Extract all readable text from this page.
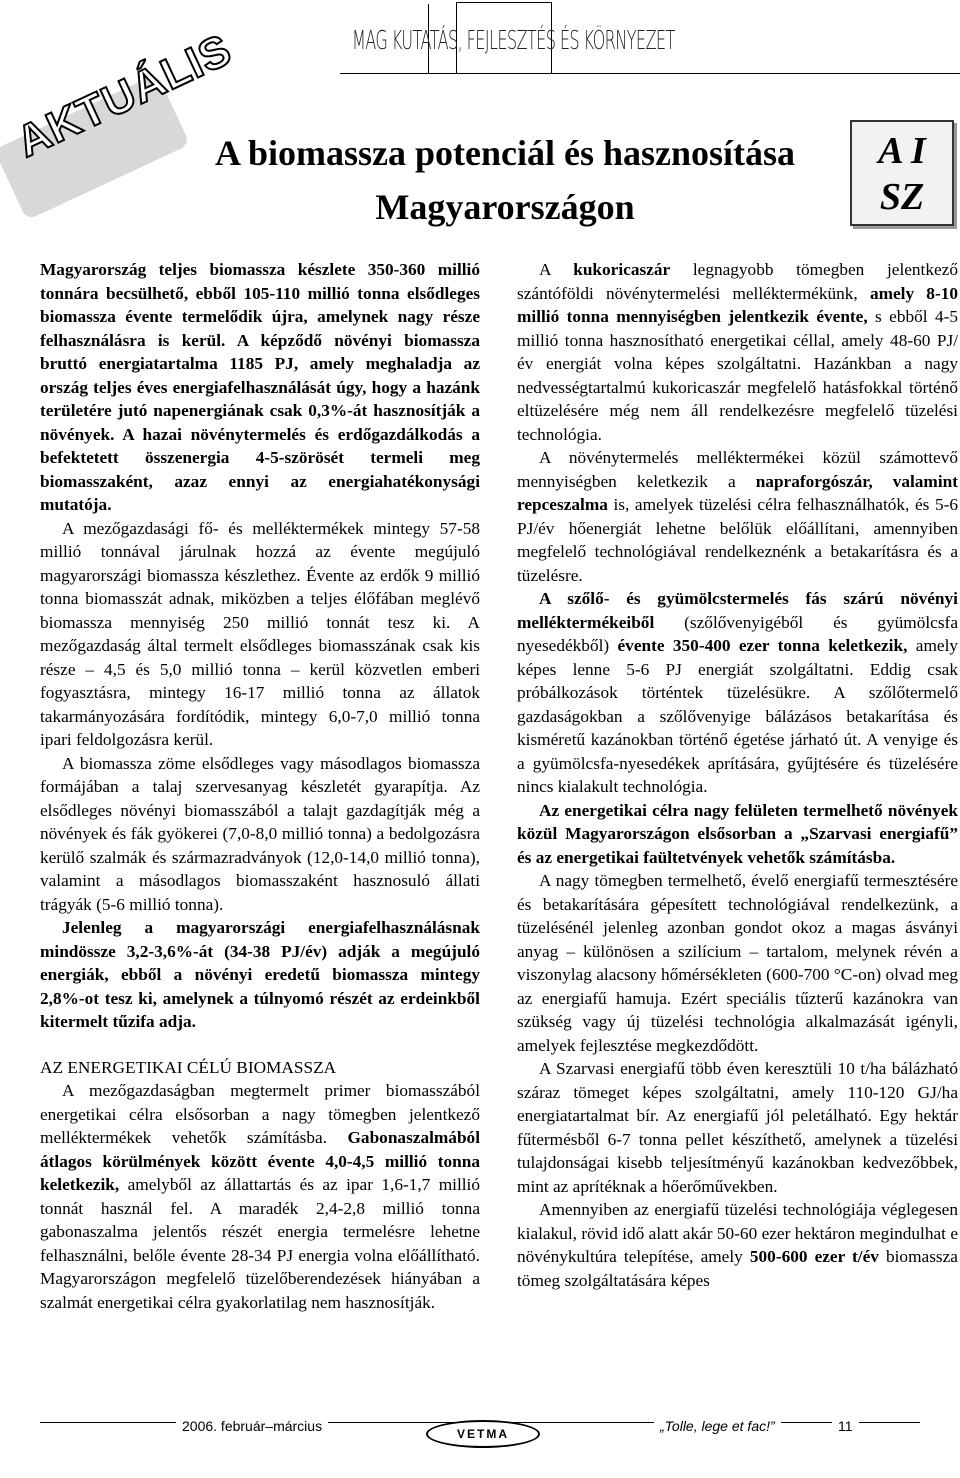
MAG KUTATÁS, FEJLESZTÉS ÉS KÖRNYEZET
AKTUÁLIS
A biomassza potenciál és hasznosítása
Magyarországon
A I
SZ

Magyarország teljes biomassza készlete 350-360 millió tonnára becsülhető, ebből 105-110 millió tonna elsődleges biomassza évente termelődik újra, amelynek nagy része felhasználásra is kerül. A képződő növényi biomassza bruttó energiatartalma 1185 PJ, amely meghaladja az ország teljes éves energiafelhasználását úgy, hogy a hazánk területére jutó napenergiának csak 0,3%-át hasznosítják a növények. A hazai növénytermelés és erdőgazdálkodás a befektetett összenergia 4-5-szörösét termeli meg biomasszaként, azaz ennyi az energiahatékonysági mutatója.

A mezőgazdasági fő- és melléktermékek mintegy 57-58 millió tonnával járulnak hozzá az évente megújuló magyarországi biomassza készlethez. Évente az erdők 9 millió tonna biomasszát adnak, miközben a teljes élőfában meglévő biomassza mennyiség 250 millió tonnát tesz ki. A mezőgazdaság által termelt elsődleges biomasszának csak kis része – 4,5 és 5,0 millió tonna – kerül közvetlen emberi fogyasztásra, mintegy 16-17 millió tonna az állatok takarmányozására fordítódik, mintegy 6,0-7,0 millió tonna ipari feldolgozásra kerül.

A biomassza zöme elsődleges vagy másodlagos biomassza formájában a talaj szervesanyag készletét gyarapítja. Az elsődleges növényi biomasszából a talajt gazdagítják még a növények és fák gyökerei (7,0-8,0 millió tonna) a bedolgozásra kerülő szalmák és származradványok (12,0-14,0 millió tonna), valamint a másodlagos biomasszaként hasznosuló állati trágyák (5-6 millió tonna).

Jelenleg a magyarországi energiafelhasználásnak mindössze 3,2-3,6%-át (34-38 PJ/év) adják a megújuló energiák, ebből a növényi eredetű biomassza mintegy 2,8%-ot tesz ki, amelynek a túlnyomó részét az erdeinkből kitermelt tűzifa adja.

AZ ENERGETIKAI CÉLÚ BIOMASSZA

A mezőgazdaságban megtermelt primer biomasszából energetikai célra elsősorban a nagy tömegben jelentkező melléktermékek vehetők számításba. Gabonaszalmából átlagos körülmények között évente 4,0-4,5 millió tonna keletkezik, amelyből az állattartás és az ipar 1,6-1,7 millió tonnát használ fel. A maradék 2,4-2,8 millió tonna gabonaszalma jelentős részét energia termelésre lehetne felhasználni, belőle évente 28-34 PJ energia volna előállítható. Magyarországon megfelelő tüzelőberendezések hiányában a szalmát energetikai célra gyakorlatilag nem hasznosítják.

A kukoricaszár legnagyobb tömegben jelentkező szántóföldi növénytermelési melléktermékünk, amely 8-10 millió tonna mennyiségben jelentkezik évente, s ebből 4-5 millió tonna hasznosítható energetikai céllal, amely 48-60 PJ/év energiát volna képes szolgáltatni. Hazánkban a nagy nedvességtartalmú kukoricaszár megfelelő hatásfokkal történő eltüzelésére még nem áll rendelkezésre megfelelő tüzelési technológia.

A növénytermelés melléktermékei közül számottevő mennyiségben keletkezik a napraforgószár, valamint repceszalma is, amelyek tüzelési célra felhasználhatók, és 5-6 PJ/év hőenergiát lehetne belőlük előállítani, amennyiben megfelelő technológiával rendelkeznénk a betakarításra és a tüzelésre.

A szőlő- és gyümölcstermelés fás szárú növényi melléktermékeiből (szőlővenyigéből és gyümölcsfa nyesedékből) évente 350-400 ezer tonna keletkezik, amely képes lenne 5-6 PJ energiát szolgáltatni. Eddig csak próbálkozások történtek tüzelésükre. A szőlőtermelő gazdaságokban a szőlővenyige bálázásos betakarítása és kisméretű kazánokban történő égetése járható út. A venyige és a gyümölcsfa-nyesedékek aprítására, gyűjtésére és tüzelésére nincs kialakult technológia.

Az energetikai célra nagy felületen termelhető növények közül Magyarországon elsősorban a „Szarvasi energiafű” és az energetikai faültetvények vehetők számításba.

A nagy tömegben termelhető, évelő energiafű termesztésére és betakarítására gépesített technológiával rendelkezünk, a tüzelésénél jelenleg azonban gondot okoz a magas ásványi anyag – különösen a szilícium – tartalom, melynek révén a viszonylag alacsony hőmérsékleten (600-700 °C-on) olvad meg az energiafű hamuja. Ezért speciális tűzterű kazánokra van szükség vagy új tüzelési technológia alkalmazását igényli, amelyek fejlesztése megkezdődött.

A Szarvasi energiafű több éven keresztüli 10 t/ha bálázható száraz tömeget képes szolgáltatni, amely 110-120 GJ/ha energiatartalmat bír. Az energiafű jól peletálható. Egy hektár fűtermésből 6-7 tonna pellet készíthető, amelynek a tüzelési tulajdonságai kisebb teljesítményű kazánokban kedvezőbbek, mint az aprítéknak a hőerőművekben.

Amennyiben az energiafű tüzelési technológiája véglegesen kialakul, rövid idő alatt akár 50-60 ezer hektáron megindulhat e növénykultúra telepítése, amely 500-600 ezer t/év biomassza tömeg szolgáltatására képes

2006. február–március	VETMA	„Tolle, lege et fac!”	11
